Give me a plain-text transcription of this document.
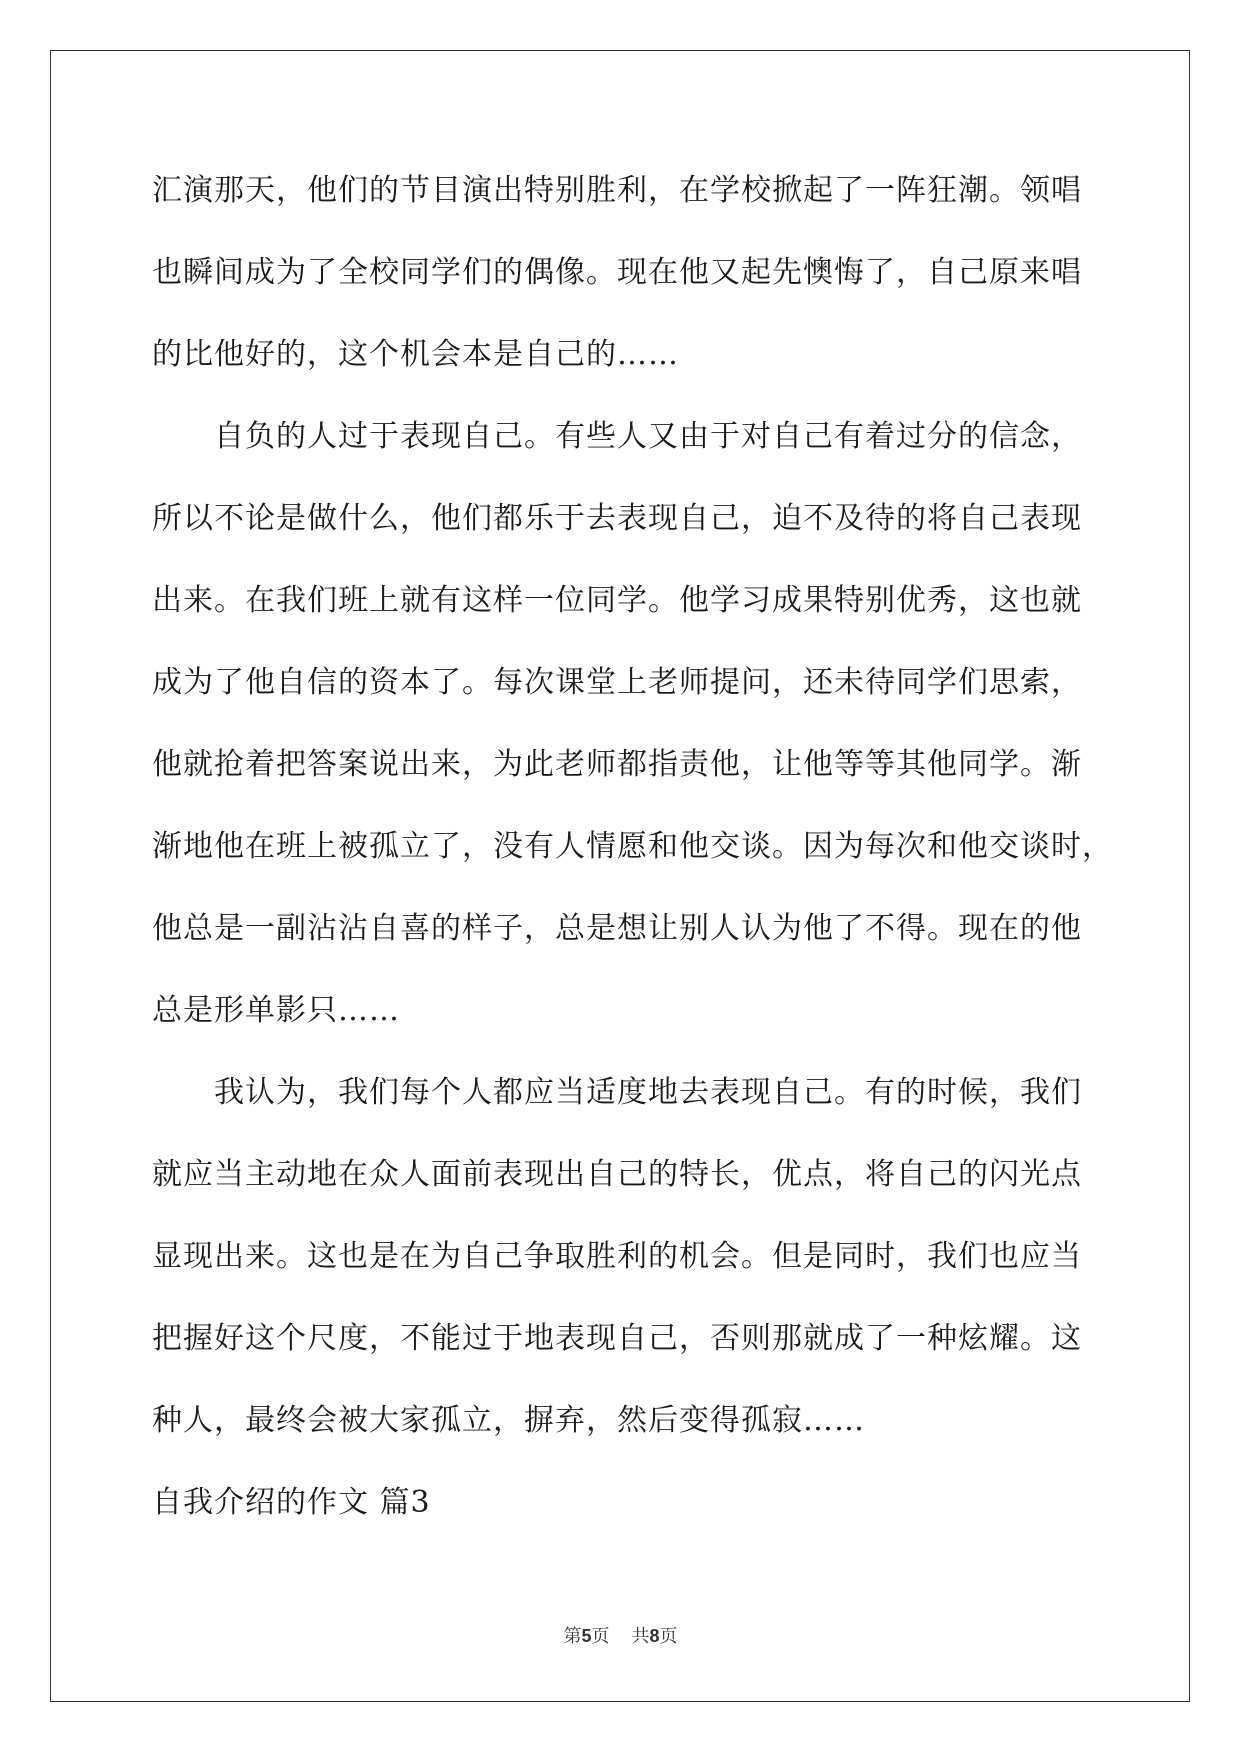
汇演那天，他们的节目演出特别胜利，在学校掀起了一阵狂潮。领唱
也瞬间成为了全校同学们的偶像。现在他又起先懊悔了，自己原来唱
的比他好的，这个机会本是自己的……
自负的人过于表现自己。有些人又由于对自己有着过分的信念，
所以不论是做什么，他们都乐于去表现自己，迫不及待的将自己表现
出来。在我们班上就有这样一位同学。他学习成果特别优秀，这也就
成为了他自信的资本了。每次课堂上老师提问，还未待同学们思索，
他就抢着把答案说出来，为此老师都指责他，让他等等其他同学。渐
渐地他在班上被孤立了，没有人情愿和他交谈。因为每次和他交谈时，
他总是一副沾沾自喜的样子，总是想让别人认为他了不得。现在的他
总是形单影只……
我认为，我们每个人都应当适度地去表现自己。有的时候，我们
就应当主动地在众人面前表现出自己的特长，优点，将自己的闪光点
显现出来。这也是在为自己争取胜利的机会。但是同时，我们也应当
把握好这个尺度，不能过于地表现自己，否则那就成了一种炫耀。这
种人，最终会被大家孤立，摒弃，然后变得孤寂……
自我介绍的作文 篇3
第5页 共8页
